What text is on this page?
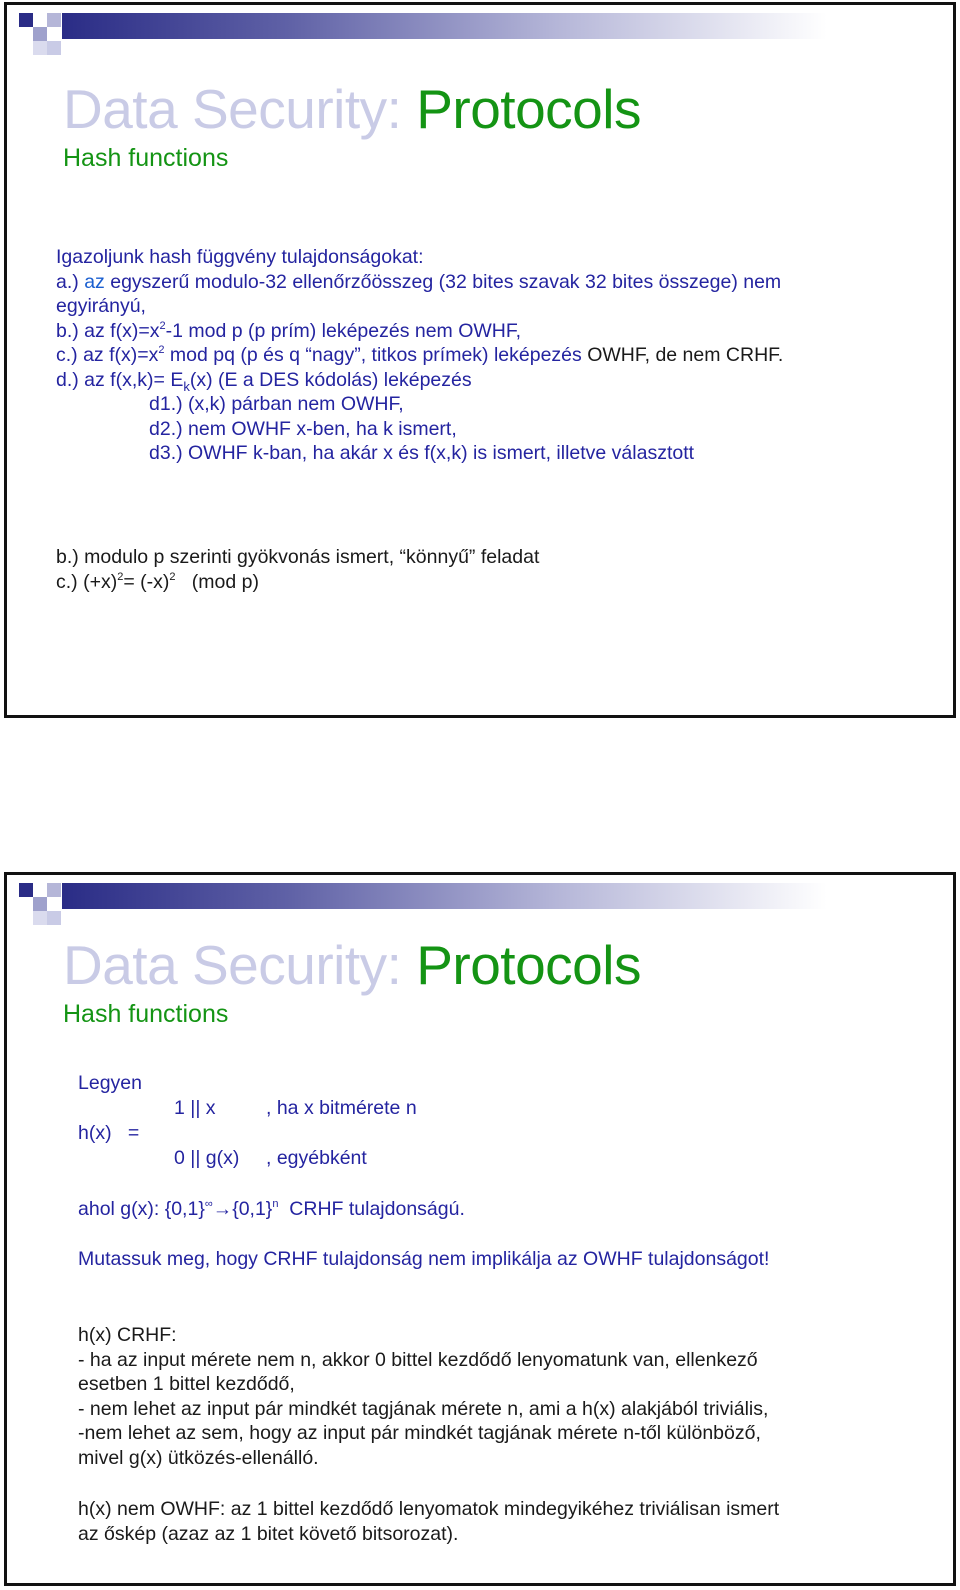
Data Security: Protocols
Hash functions
Igazoljunk hash függvény tulajdonságokat:
a.) az egyszerű modulo-32 ellenőrzőösszeg (32 bites szavak 32 bites összege) nem
egyirányú,
b.) az $f(x)=x^2-1$ mod p (p prím) leképezés nem OWHF,
c.) az $f(x)=x^2$ mod pq (p és q “nagy”, titkos prímek) leképezés OWHF, de nem CRHF.
d.) az $f(x,k)= E_k(x)$ (E a DES kódolás) leképezés
d1.) (x,k) párban nem OWHF,
d2.) nem OWHF x-ben, ha k ismert,
d3.) OWHF k-ban, ha akár x és f(x,k) is ismert, illetve választott
b.) modulo p szerinti gyökvonás ismert, “könnyű” feladat
c.) $(+x)^2= (-x)^2$   (mod p)
Data Security: Protocols
Hash functions
Legyen
1 || x	, ha x bitmérete n
h(x)   =
0 || g(x) , egyébként
ahol g(x): $\{0,1\}^\infty\to\{0,1\}^n$  CRHF tulajdonságú.
Mutassuk meg, hogy CRHF tulajdonság nem implikálja az OWHF tulajdonságot!
h(x) CRHF:
- ha az input mérete nem n, akkor 0 bittel kezdődő lenyomatunk van, ellenkező
esetben 1 bittel kezdődő,
- nem lehet az input pár mindkét tagjának mérete n, ami a h(x) alakjából triviális,
-nem lehet az sem, hogy az input pár mindkét tagjának mérete n-től különböző,
mivel g(x) ütközés-ellenálló.
h(x) nem OWHF: az 1 bittel kezdődő lenyomatok mindegyikéhez triviálisan ismert
az őskép (azaz az 1 bitet követő bitsorozat).
